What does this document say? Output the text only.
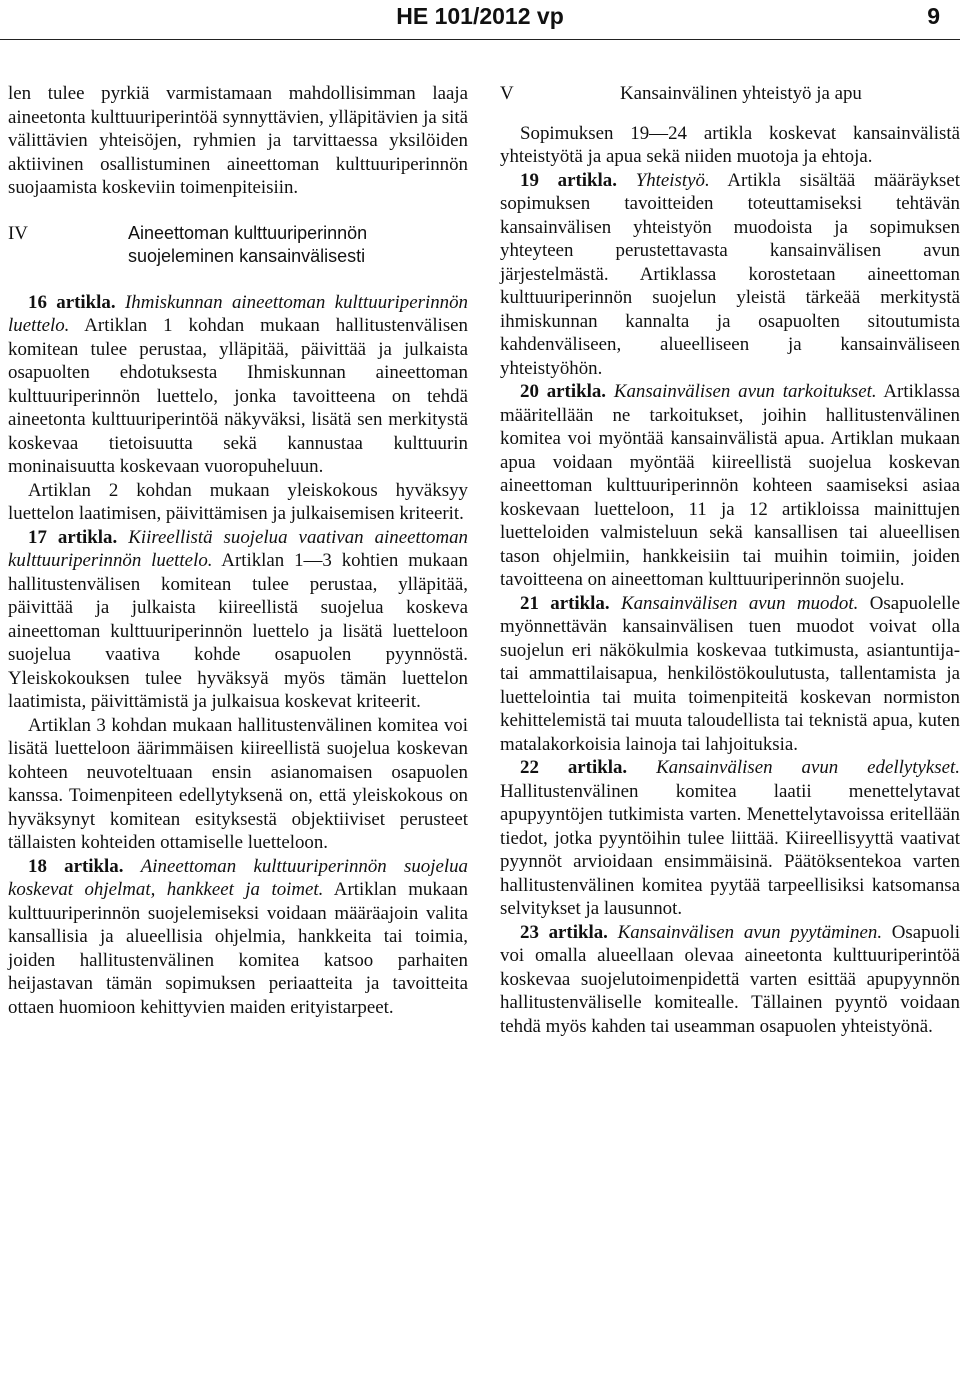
HE 101/2012 vp	9

len tulee pyrkiä varmistamaan mahdollisimman laaja aineetonta kulttuuriperintöä synnyttävien, ylläpitävien ja sitä välittävien yhteisöjen, ryhmien ja tarvittaessa yksilöiden aktiivinen osallistuminen aineettoman kulttuuriperinnön suojaamista koskeviin toimenpiteisiin.

IV	Aineettoman kulttuuriperinnön suojeleminen kansainvälisesti

16 artikla. Ihmiskunnan aineettoman kulttuuriperinnön luettelo. Artiklan 1 kohdan mukaan hallitustenvälisen komitean tulee perustaa, ylläpitää, päivittää ja julkaista osapuolten ehdotuksesta Ihmiskunnan aineettoman kulttuuriperinnön luettelo, jonka tavoitteena on tehdä aineetonta kulttuuriperintöä näkyväksi, lisätä sen merkitystä koskevaa tietoisuutta sekä kannustaa kulttuurin moninaisuutta koskevaan vuoropuheluun.

Artiklan 2 kohdan mukaan yleiskokous hyväksyy luettelon laatimisen, päivittämisen ja julkaisemisen kriteerit.

17 artikla. Kiireellistä suojelua vaativan aineettoman kulttuuriperinnön luettelo. Artiklan 1—3 kohtien mukaan hallitustenvälisen komitean tulee perustaa, ylläpitää, päivittää ja julkaista kiireellistä suojelua koskeva aineettoman kulttuuriperinnön luettelo ja lisätä luetteloon suojelua vaativa kohde osapuolen pyynnöstä. Yleiskokouksen tulee hyväksyä myös tämän luettelon laatimista, päivittämistä ja julkaisua koskevat kriteerit.

Artiklan 3 kohdan mukaan hallitustenvälinen komitea voi lisätä luetteloon äärimmäisen kiireellistä suojelua koskevan kohteen neuvoteltuaan ensin asianomaisen osapuolen kanssa. Toimenpiteen edellytyksenä on, että yleiskokous on hyväksynyt komitean esityksestä objektiiviset perusteet tällaisten kohteiden ottamiselle luetteloon.

18 artikla. Aineettoman kulttuuriperinnön suojelua koskevat ohjelmat, hankkeet ja toimet. Artiklan mukaan kulttuuriperinnön suojelemiseksi voidaan määräajoin valita kansallisia ja alueellisia ohjelmia, hankkeita tai toimia, joiden hallitustenvälinen komitea katsoo parhaiten heijastavan tämän sopimuksen periaatteita ja tavoitteita ottaen huomioon kehittyvien maiden erityistarpeet.

V	Kansainvälinen yhteistyö ja apu

Sopimuksen 19—24 artikla koskevat kansainvälistä yhteistyötä ja apua sekä niiden muotoja ja ehtoja.

19 artikla. Yhteistyö. Artikla sisältää määräykset sopimuksen tavoitteiden toteuttamiseksi tehtävän kansainvälisen yhteistyön muodoista ja sopimuksen yhteyteen perustettavasta kansainvälisen avun järjestelmästä. Artiklassa korostetaan aineettoman kulttuuriperinnön suojelun yleistä tärkeää merkitystä ihmiskunnan kannalta ja osapuolten sitoutumista kahdenväliseen, alueelliseen ja kansainväliseen yhteistyöhön.

20 artikla. Kansainvälisen avun tarkoitukset. Artiklassa määritellään ne tarkoitukset, joihin hallitustenvälinen komitea voi myöntää kansainvälistä apua. Artiklan mukaan apua voidaan myöntää kiireellistä suojelua koskevan aineettoman kulttuuriperinnön kohteen saamiseksi asiaa koskevaan luetteloon, 11 ja 12 artikloissa mainittujen luetteloiden valmisteluun sekä kansallisen tai alueellisen tason ohjelmiin, hankkeisiin tai muihin toimiin, joiden tavoitteena on aineettoman kulttuuriperinnön suojelu.

21 artikla. Kansainvälisen avun muodot. Osapuolelle myönnettävän kansainvälisen tuen muodot voivat olla suojelun eri näkökulmia koskevaa tutkimusta, asiantuntija- tai ammattilaisapua, henkilöstökoulutusta, tallentamista ja luettelointia tai muita toimenpiteitä koskevan normiston kehittelemistä tai muuta taloudellista tai teknistä apua, kuten matalakorkoisia lainoja tai lahjoituksia.

22 artikla. Kansainvälisen avun edellytykset. Hallitustenvälinen komitea laatii menettelytavat apupyyntöjen tutkimista varten. Menettelytavoissa eritellään tiedot, jotka pyyntöihin tulee liittää. Kiireellisyyttä vaativat pyynnöt arvioidaan ensimmäisinä. Päätöksentekoa varten hallitustenvälinen komitea pyytää tarpeellisiksi katsomansa selvitykset ja lausunnot.

23 artikla. Kansainvälisen avun pyytäminen. Osapuoli voi omalla alueellaan olevaa aineetonta kulttuuriperintöä koskevaa suojelutoimenpidettä varten esittää apupyynnön hallitustenväliselle komitealle. Tällainen pyyntö voidaan tehdä myös kahden tai useamman osapuolen yhteistyönä.
